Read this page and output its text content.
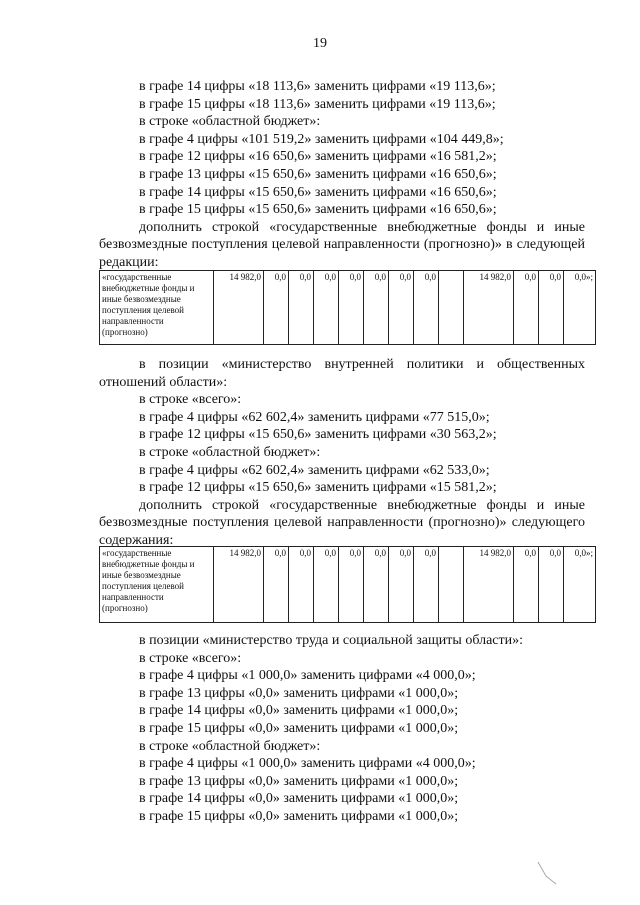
19
в графе 14 цифры «18 113,6» заменить цифрами «19 113,6»;
в графе 15 цифры «18 113,6» заменить цифрами «19 113,6»;
в строке «областной бюджет»:
в графе 4 цифры «101 519,2» заменить цифрами «104 449,8»;
в графе 12 цифры «16 650,6» заменить цифрами «16 581,2»;
в графе 13 цифры «15 650,6» заменить цифрами «16 650,6»;
в графе 14 цифры «15 650,6» заменить цифрами «16 650,6»;
в графе 15 цифры «15 650,6» заменить цифрами «16 650,6»;
дополнить строкой «государственные внебюджетные фонды и иные безвозмездные поступления целевой направленности (прогнозно)» в следующей редакции:
«государственные внебюджетные фонды и иные безвозмездные поступления целевой направленности (прогнозно)	14 982,0	0,0	0,0	0,0	0,0	0,0	0,0	0,0		14 982,0	0,0	0,0	0,0»;
в позиции «министерство внутренней политики и общественных отношений области»:
в строке «всего»:
в графе 4 цифры «62 602,4» заменить цифрами «77 515,0»;
в графе 12 цифры «15 650,6» заменить цифрами «30 563,2»;
в строке «областной бюджет»:
в графе 4 цифры «62 602,4» заменить цифрами «62 533,0»;
в графе 12 цифры «15 650,6» заменить цифрами «15 581,2»;
дополнить строкой «государственные внебюджетные фонды и иные безвозмездные поступления целевой направленности (прогнозно)» следующего содержания:
«государственные внебюджетные фонды и иные безвозмездные поступления целевой направленности (прогнозно)	14 982,0	0,0	0,0	0,0	0,0	0,0	0,0	0,0		14 982,0	0,0	0,0	0,0»;
в позиции «министерство труда и социальной защиты области»:
в строке «всего»:
в графе 4 цифры «1 000,0» заменить цифрами «4 000,0»;
в графе 13 цифры «0,0» заменить цифрами «1 000,0»;
в графе 14 цифры «0,0» заменить цифрами «1 000,0»;
в графе 15 цифры «0,0» заменить цифрами «1 000,0»;
в строке «областной бюджет»:
в графе 4 цифры «1 000,0» заменить цифрами «4 000,0»;
в графе 13 цифры «0,0» заменить цифрами «1 000,0»;
в графе 14 цифры «0,0» заменить цифрами «1 000,0»;
в графе 15 цифры «0,0» заменить цифрами «1 000,0»;
